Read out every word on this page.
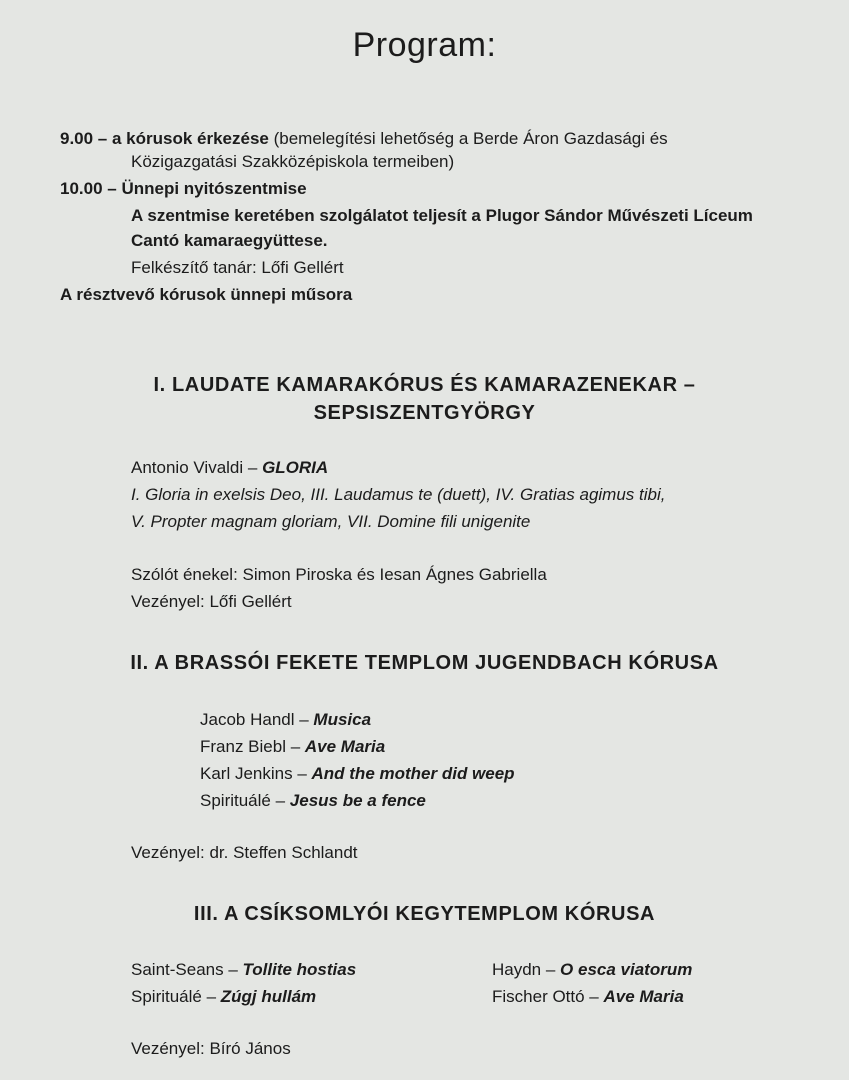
Program:
9.00 – a kórusok érkezése (bemelegítési lehetőség a Berde Áron Gazdasági és
Közigazgatási Szakközépiskola termeiben)
10.00 – Ünnepi nyitószentmise
A szentmise keretében szolgálatot teljesít a Plugor Sándor Művészeti Líceum
Cantó kamaraegyüttese.
Felkészítő tanár: Lőfi Gellért
A résztvevő kórusok ünnepi műsora
I. LAUDATE KAMARAKÓRUS ÉS KAMARAZENEKAR –
SEPSISZENTGYÖRGY
Antonio Vivaldi – GLORIA
I. Gloria in exelsis Deo, III. Laudamus te (duett), IV. Gratias agimus tibi,
V. Propter magnam gloriam, VII. Domine fili unigenite
Szólót énekel: Simon Piroska és Iesan Ágnes Gabriella
Vezényel: Lőfi Gellért
II. A BRASSÓI FEKETE TEMPLOM JUGENDBACH KÓRUSA
Jacob Handl – Musica
Franz Biebl – Ave Maria
Karl Jenkins – And the mother did weep
Spirituálé – Jesus be a fence
Vezényel: dr. Steffen Schlandt
III. A CSÍKSOMLYÓI KEGYTEMPLOM KÓRUSA
Saint-Seans – Tollite hostias
Spirituálé – Zúgj hullám
Haydn – O esca viatorum
Fischer Ottó – Ave Maria
Vezényel: Bíró János
